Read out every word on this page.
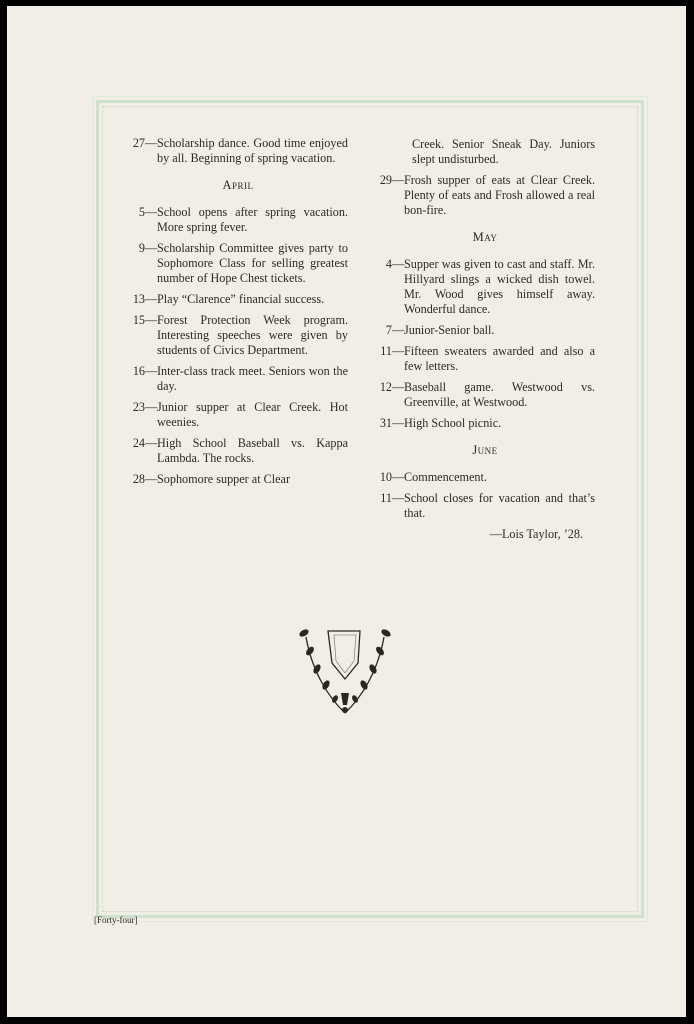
27 — Scholarship dance. Good time enjoyed by all. Beginning of spring vacation.
April
5 — School opens after spring vacation. More spring fever.
9 — Scholarship Committee gives party to Sophomore Class for selling greatest number of Hope Chest tickets.
13 — Play “Clarence” financial success.
15 — Forest Protection Week program. Interesting speeches were given by students of Civics Department.
16 — Inter-class track meet. Seniors won the day.
23 — Junior supper at Clear Creek. Hot weenies.
24 — High School Baseball vs. Kappa Lambda. The rocks.
28 — Sophomore supper at Clear
Creek. Senior Sneak Day. Juniors slept undisturbed.
29 — Frosh supper of eats at Clear Creek. Plenty of eats and Frosh allowed a real bon-fire.
May
4 — Supper was given to cast and staff. Mr. Hillyard slings a wicked dish towel. Mr. Wood gives himself away. Wonderful dance.
7 — Junior-Senior ball.
11 — Fifteen sweaters awarded and also a few letters.
12 — Baseball game. Westwood vs. Greenville, at Westwood.
31 — High School picnic.
June
10 — Commencement.
11 — School closes for vacation and that’s that.
—Lois Taylor, ’28.
[Forty-four]
